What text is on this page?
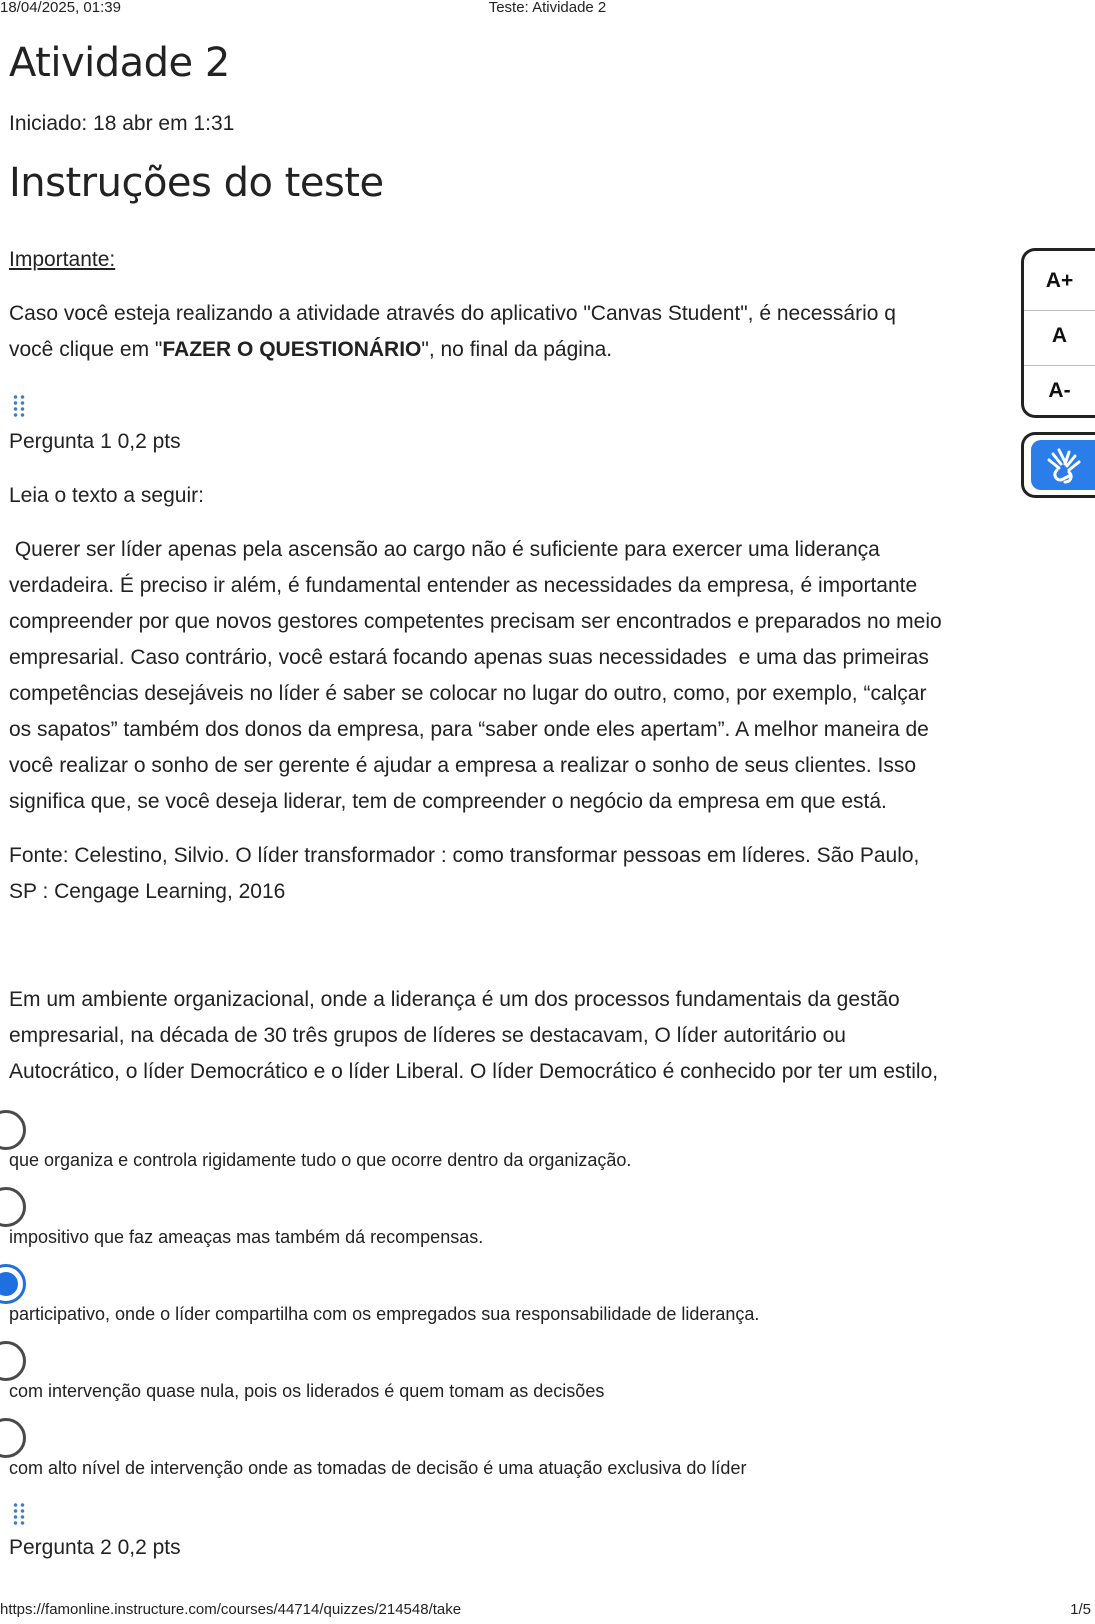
18/04/2025, 01:39	Teste: Atividade 2
Atividade 2
Iniciado: 18 abr em 1:31
Instruções do teste
Importante:
Caso você esteja realizando a atividade através do aplicativo "Canvas Student", é necessário q
você clique em "FAZER O QUESTIONÁRIO", no final da página.
Pergunta 1 0,2 pts
Leia o texto a seguir:
Querer ser líder apenas pela ascensão ao cargo não é suficiente para exercer uma liderança
verdadeira. É preciso ir além, é fundamental entender as necessidades da empresa, é importante
compreender por que novos gestores competentes precisam ser encontrados e preparados no meio
empresarial. Caso contrário, você estará focando apenas suas necessidades  e uma das primeiras
competências desejáveis no líder é saber se colocar no lugar do outro, como, por exemplo, “calçar
os sapatos” também dos donos da empresa, para “saber onde eles apertam”. A melhor maneira de
você realizar o sonho de ser gerente é ajudar a empresa a realizar o sonho de seus clientes. Isso
significa que, se você deseja liderar, tem de compreender o negócio da empresa em que está.
Fonte: Celestino, Silvio. O líder transformador : como transformar pessoas em líderes. São Paulo,
SP : Cengage Learning, 2016
Em um ambiente organizacional, onde a liderança é um dos processos fundamentais da gestão
empresarial, na década de 30 três grupos de líderes se destacavam, O líder autoritário ou
Autocrático, o líder Democrático e o líder Liberal. O líder Democrático é conhecido por ter um estilo,
que organiza e controla rigidamente tudo o que ocorre dentro da organização.
impositivo que faz ameaças mas também dá recompensas.
participativo, onde o líder compartilha com os empregados sua responsabilidade de liderança.
com intervenção quase nula, pois os liderados é quem tomam as decisões
com alto nível de intervenção onde as tomadas de decisão é uma atuação exclusiva do líder
Pergunta 2 0,2 pts
A+
A
A-
https://famonline.instructure.com/courses/44714/quizzes/214548/take	1/5
